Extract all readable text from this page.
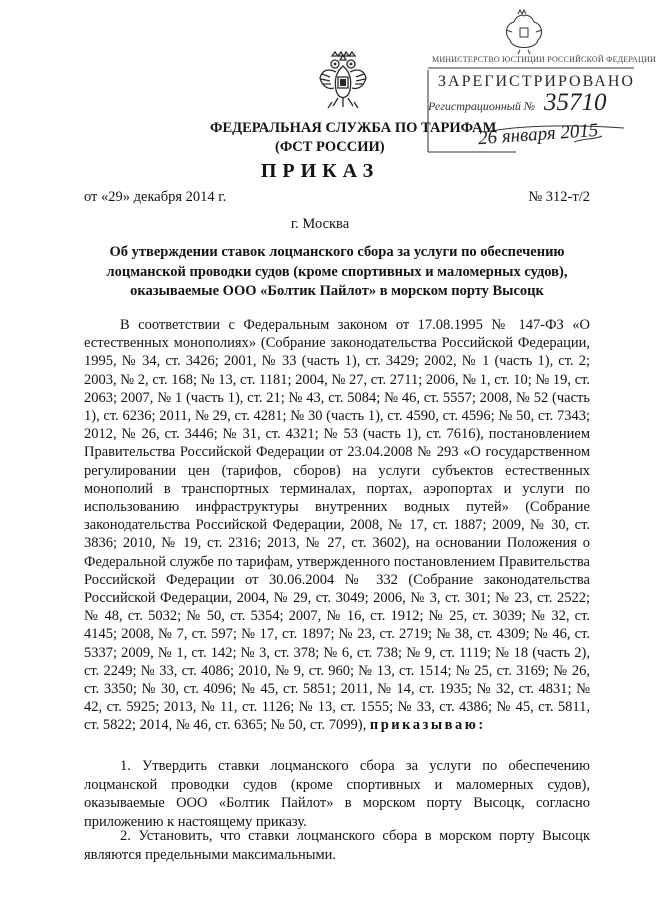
МИНИСТЕРСТВО ЮСТИЦИИ РОССИЙСКОЙ ФЕДЕРАЦИИ
ЗАРЕГИСТРИРОВАНО
Регистрационный № 35710
26 января 2015
ФЕДЕРАЛЬНАЯ СЛУЖБА ПО ТАРИФАМ
(ФСТ РОССИИ)
ПРИКАЗ
от «29» декабря 2014 г.	№ 312-т/2
г. Москва
Об утверждении ставок лоцманского сбора за услуги по обеспечению лоцманской проводки судов (кроме спортивных и маломерных судов), оказываемые ООО «Болтик Пайлот» в морском порту Высоцк

В соответствии с Федеральным законом от 17.08.1995 № 147-ФЗ «О естественных монополиях» (Собрание законодательства Российской Федерации, 1995, № 34, ст. 3426; 2001, № 33 (часть 1), ст. 3429; 2002, № 1 (часть 1), ст. 2; 2003, № 2, ст. 168; № 13, ст. 1181; 2004, № 27, ст. 2711; 2006, № 1, ст. 10; № 19, ст. 2063; 2007, № 1 (часть 1), ст. 21; № 43, ст. 5084; № 46, ст. 5557; 2008, № 52 (часть 1), ст. 6236; 2011, № 29, ст. 4281; № 30 (часть 1), ст. 4590, ст. 4596; № 50, ст. 7343; 2012, № 26, ст. 3446; № 31, ст. 4321; № 53 (часть 1), ст. 7616), постановлением Правительства Российской Федерации от 23.04.2008 № 293 «О государственном регулировании цен (тарифов, сборов) на услуги субъектов естественных монополий в транспортных терминалах, портах, аэропортах и услуги по использованию инфраструктуры внутренних водных путей» (Собрание законодательства Российской Федерации, 2008, № 17, ст. 1887; 2009, № 30, ст. 3836; 2010, № 19, ст. 2316; 2013, № 27, ст. 3602), на основании Положения о Федеральной службе по тарифам, утвержденного постановлением Правительства Российской Федерации от 30.06.2004 № 332 (Собрание законодательства Российской Федерации, 2004, № 29, ст. 3049; 2006, № 3, ст. 301; № 23, ст. 2522; № 48, ст. 5032; № 50, ст. 5354; 2007, № 16, ст. 1912; № 25, ст. 3039; № 32, ст. 4145; 2008, № 7, ст. 597; № 17, ст. 1897; № 23, ст. 2719; № 38, ст. 4309; № 46, ст. 5337; 2009, № 1, ст. 142; № 3, ст. 378; № 6, ст. 738; № 9, ст. 1119; № 18 (часть 2), ст. 2249; № 33, ст. 4086; 2010, № 9, ст. 960; № 13, ст. 1514; № 25, ст. 3169; № 26, ст. 3350; № 30, ст. 4096; № 45, ст. 5851; 2011, № 14, ст. 1935; № 32, ст. 4831; № 42, ст. 5925; 2013, № 11, ст. 1126; № 13, ст. 1555; № 33, ст. 4386; № 45, ст. 5811, ст. 5822; 2014, № 46, ст. 6365; № 50, ст. 7099), приказываю:

1. Утвердить ставки лоцманского сбора за услуги по обеспечению лоцманской проводки судов (кроме спортивных и маломерных судов), оказываемые ООО «Болтик Пайлот» в морском порту Высоцк, согласно приложению к настоящему приказу.

2. Установить, что ставки лоцманского сбора в морском порту Высоцк являются предельными максимальными.
